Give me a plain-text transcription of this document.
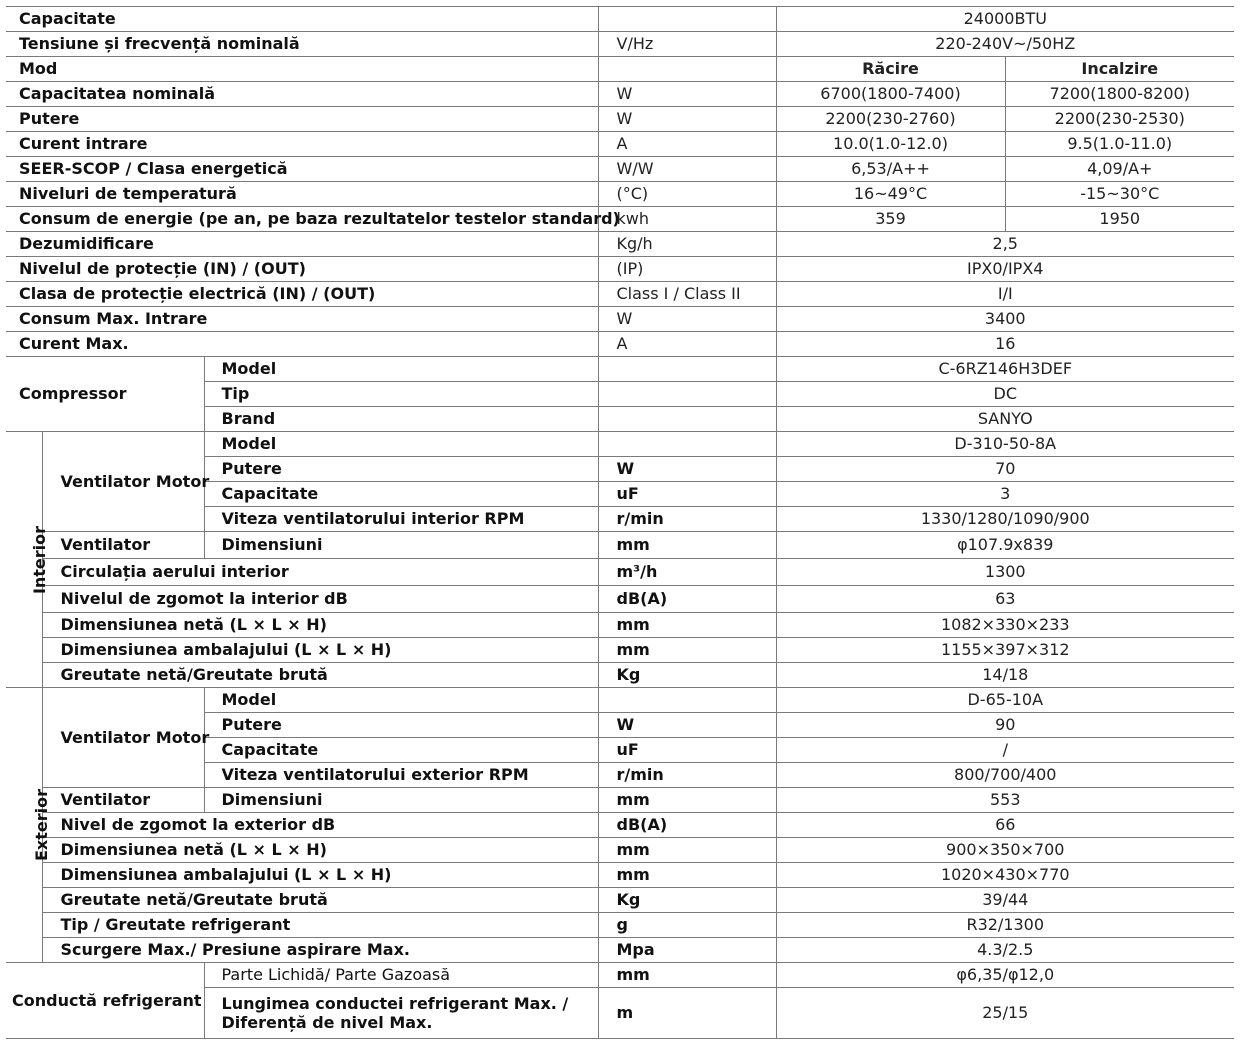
Capacitate				24000BTU	
Tensiune și frecvență nominală			V/Hz	220-240V~/50HZ	
Mod				Răcire	Incalzire
Capacitatea nominală			W	6700(1800-7400)	7200(1800-8200)
Putere			W	2200(230-2760)	2200(230-2530)
Curent intrare			A	10.0(1.0-12.0)	9.5(1.0-11.0)
SEER-SCOP / Clasa energetică			W/W	6,53/A++	4,09/A+
Niveluri de temperatură			(°C)	16~49°C	-15~30°C
Consum de energie (pe an, pe baza rezultatelor testelor standard)			kwh	359	1950
Dezumidificare			Kg/h	2,5	
Nivelul de protecție (IN) / (OUT)			(IP)	IPX0/IPX4	
Clasa de protecție electrică (IN) / (OUT)			Class I / Class II	I/I	
Consum Max. Intrare			W	3400	
Curent Max.			A	16	
Compressor		Model		C-6RZ146H3DEF	
		Tip		DC	
		Brand		SANYO	
Interior	Ventilator Motor	Model		D-310-50-8A	
		Putere	W	70	
		Capacitate	uF	3	
		Viteza ventilatorului interior RPM	r/min	1330/1280/1090/900	
	Ventilator	Dimensiuni	mm	φ107.9x839	
	Circulația aerului interior		m³/h	1300	
	Nivelul de zgomot la interior dB		dB(A)	63	
	Dimensiunea netă (L × L × H)		mm	1082×330×233	
	Dimensiunea ambalajului (L × L × H)		mm	1155×397×312	
	Greutate netă/Greutate brută		Kg	14/18	
Exterior	Ventilator Motor	Model		D-65-10A	
		Putere	W	90	
		Capacitate	uF	/	
		Viteza ventilatorului exterior RPM	r/min	800/700/400	
	Ventilator	Dimensiuni	mm	553	
	Nivel de zgomot la exterior dB		dB(A)	66	
	Dimensiunea netă (L × L × H)		mm	900×350×700	
	Dimensiunea ambalajului (L × L × H)		mm	1020×430×770	
	Greutate netă/Greutate brută		Kg	39/44	
	Tip / Greutate refrigerant		g	R32/1300	
	Scurgere Max./ Presiune aspirare Max.		Mpa	4.3/2.5	
Conductă refrigerant		Parte Lichidă/ Parte Gazoasă	mm	φ6,35/φ12,0	
		Lungimea conductei refrigerant Max. / Diferență de nivel Max.	m	25/15	
